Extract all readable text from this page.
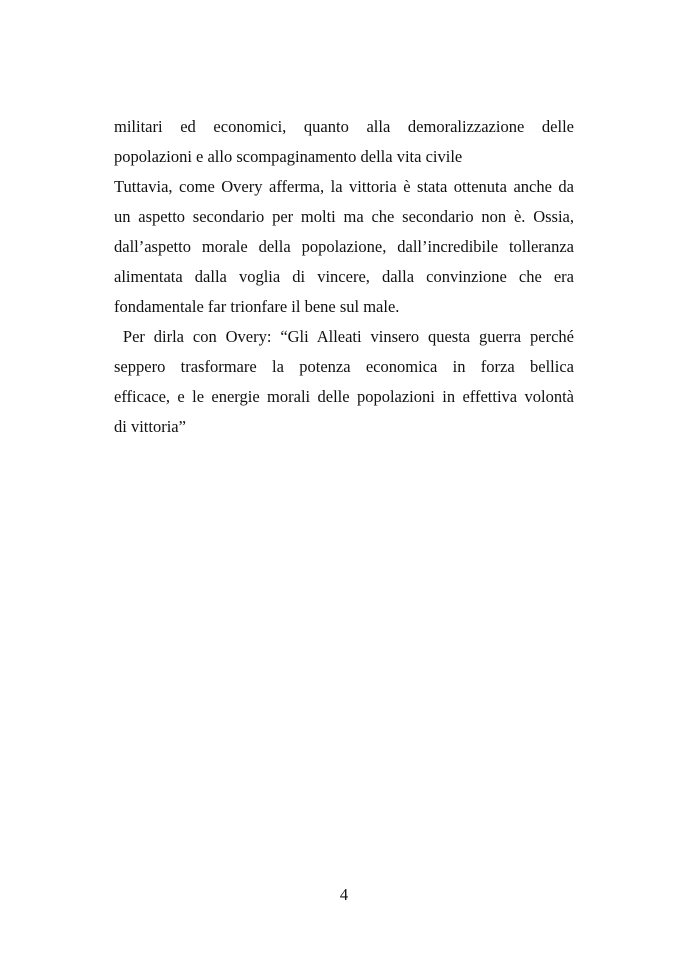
militari ed economici, quanto alla demoralizzazione delle
popolazioni e allo scompaginamento della vita civile
Tuttavia, come Overy afferma, la vittoria è stata ottenuta anche da
un aspetto secondario per molti ma che secondario non è. Ossia,
dall’aspetto morale della popolazione, dall’incredibile tolleranza
alimentata dalla voglia di vincere, dalla convinzione che era
fondamentale far trionfare il bene sul male.
Per dirla con Overy: “Gli Alleati vinsero questa guerra perché
seppero trasformare la potenza economica in forza bellica
efficace, e le energie morali delle popolazioni in effettiva volontà
di vittoria”
4
